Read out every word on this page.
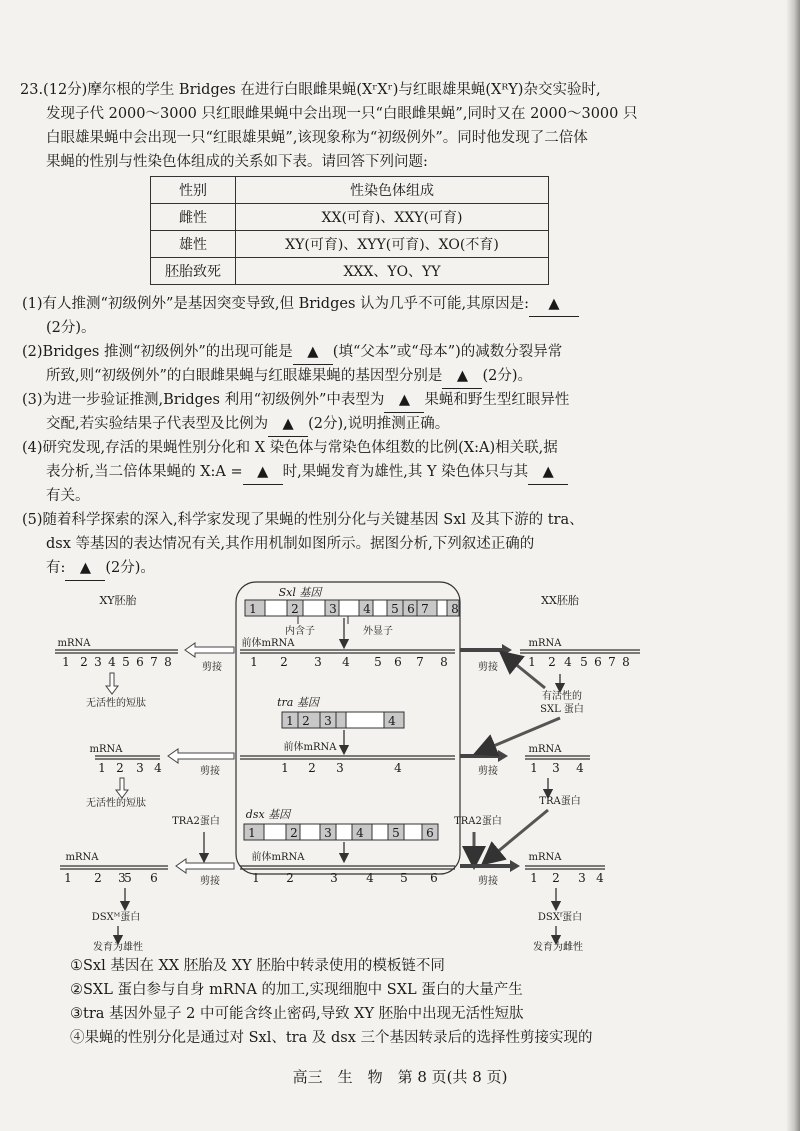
23.(12分)摩尔根的学生 Bridges 在进行白眼雌果蝇(XʳXʳ)与红眼雄果蝇(XᴿY)杂交实验时,
发现子代 2000～3000 只红眼雌果蝇中会出现一只“白眼雌果蝇”,同时又在 2000～3000 只
白眼雄果蝇中会出现一只“红眼雄果蝇”,该现象称为“初级例外”。同时他发现了二倍体
果蝇的性别与性染色体组成的关系如下表。请回答下列问题:
性别	性染色体组成
雌性	XX(可育)、XXY(可育)
雄性	XY(可育)、XYY(可育)、XO(不育)
胚胎致死	XXX、YO、YY
(1)有人推测“初级例外”是基因突变导致,但 Bridges 认为几乎不可能,其原因是: ▲
(2分)。
(2)Bridges 推测“初级例外”的出现可能是 ▲ (填“父本”或“母本”)的减数分裂异常
所致,则“初级例外”的白眼雌果蝇与红眼雄果蝇的基因型分别是 ▲ (2分)。
(3)为进一步验证推测,Bridges 利用“初级例外”中表型为 ▲ 果蝇和野生型红眼异性
交配,若实验结果子代表型及比例为 ▲ (2分),说明推测正确。
(4)研究发现,存活的果蝇性别分化和 X 染色体与常染色体组数的比例(X:A)相关联,据
表分析,当二倍体果蝇的 X:A = ▲ 时,果蝇发育为雄性,其 Y 染色体只与其 ▲
有关。
(5)随着科学探索的深入,科学家发现了果蝇的性别分化与关键基因 Sxl 及其下游的 tra、
dsx 等基因的表达情况有关,其作用机制如图所示。据图分析,下列叙述正确的
有: ▲ (2分)。
XY胚胎	XX胚胎
Sxl 基因
1	2	3 4 5 6 7 8
内含子	外显子
前体mRNA
1 2 3 4 5 6 7 8
mRNA
1 2 3 4 5 6 7 8	剪接
无活性的短肽
剪接
mRNA
1 2 4 5 6 7 8
有活性的
SXL 蛋白
tra 基因
1 2 3	4
前体mRNA
1 2 3	4
mRNA
1 2 3 4	剪接
无活性的短肽
剪接
mRNA
1 3 4
TRA蛋白
dsx 基因
1	2 3 4 5 6
前体mRNA
1 2	3 4 5 6
TRA2蛋白
mRNA
1 2 3
5 6	剪接
DSXᴹ蛋白
发育为雄性
TRA2蛋白
剪接
mRNA
1 2 3 4
DSXᶠ蛋白
发育为雌性
①Sxl 基因在 XX 胚胎及 XY 胚胎中转录使用的模板链不同
②SXL 蛋白参与自身 mRNA 的加工,实现细胞中 SXL 蛋白的大量产生
③tra 基因外显子 2 中可能含终止密码,导致 XY 胚胎中出现无活性短肽
④果蝇的性别分化是通过对 Sxl、tra 及 dsx 三个基因转录后的选择性剪接实现的
高三　生　物　第 8 页(共 8 页)
